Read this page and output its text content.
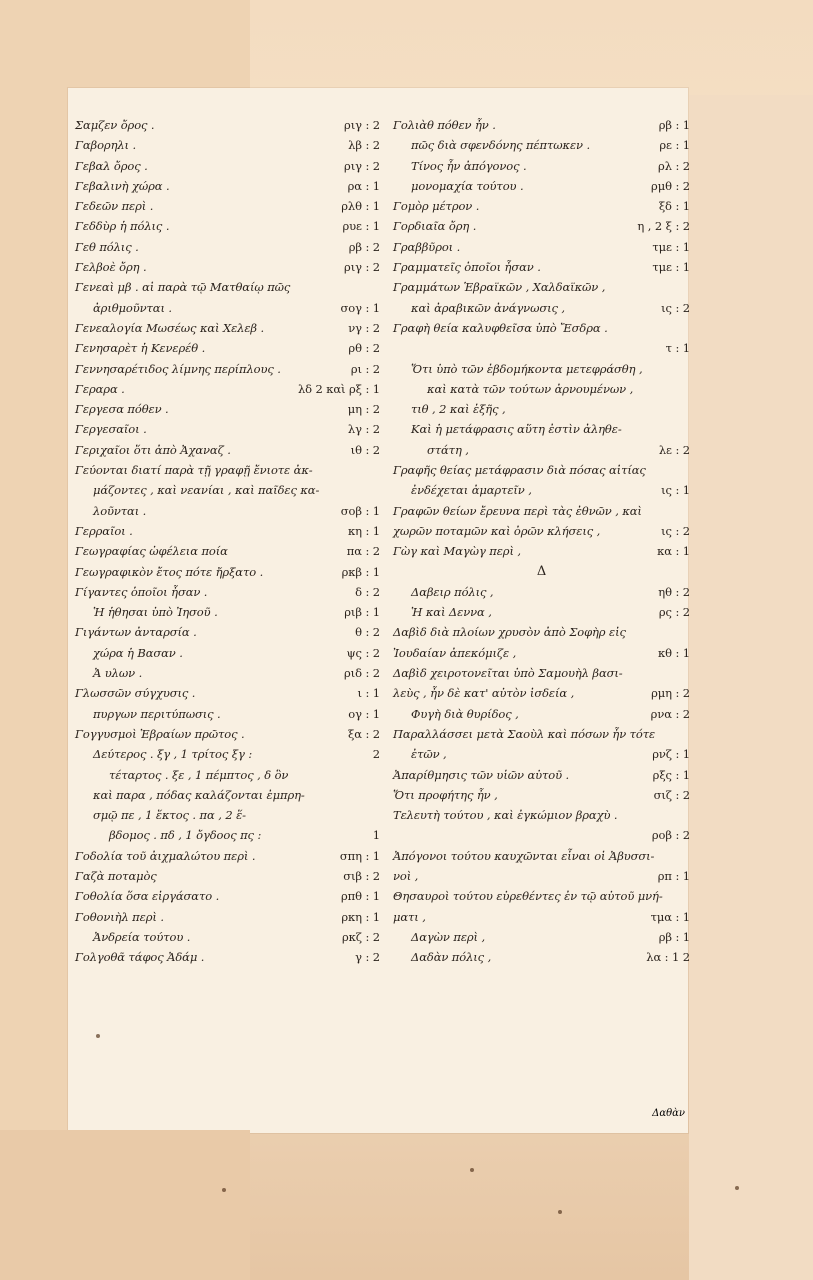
Σαμζεν ὄρος .	ριγ : 2
Γαβορηλι .	λβ : 2
Γεβαλ ὄρος .	ριγ : 2
Γεβαλινὴ χώρα .	ρα : 1
Γεδεῶν περὶ .	ρλθ : 1
Γεδδὺρ ἡ πόλις .	ρυε : 1
Γεθ πόλις .	ρβ : 2
Γελβοὲ ὄρη .	ριγ : 2
Γενεαὶ μβ . αἱ παρὰ τῷ Ματθαίῳ πῶς
ἀριθμοῦνται .	σογ : 1
Γενεαλογία Μωσέως καὶ Χελεβ .	νγ : 2
Γενησαρὲτ ἡ Κενερέθ .	ρθ : 2
Γεννησαρέτιδος λίμνης περίπλους .	ρι : 2
Γεραρα .	λδ 2 καὶ ρξ : 1
Γεργεσα πόθεν .	μη : 2
Γεργεσαῖοι .	λγ : 2
Γεριχαῖοι ὅτι ἀπὸ Ἀχαναζ .	ιθ : 2
Γεύονται διατί παρὰ τῇ γραφῇ ἔνιοτε ἀκ-
μάζοντες , καὶ νεανίαι , καὶ παῖδες κα-
λοῦνται .	σοβ : 1
Γερραῖοι .	κη : 1
Γεωγραφίας ὠφέλεια ποία	πα : 2
Γεωγραφικὸν ἔτος πότε ἤρξατο .	ρκβ : 1
Γίγαντες ὁποῖοι ἦσαν .	δ : 2
Ἡ ἡθησαι ὑπὸ Ἰησοῦ .	ριβ : 1
Γιγάντων ἀνταρσία .	θ : 2
χώρα ἡ Βασαν .	ψς : 2
Ἀ υλων .	ριδ : 2
Γλωσσῶν σύγχυσις .	ι : 1
πυργων περιτύπωσις .	ογ : 1
Γογγυσμοὶ Ἑβραίων πρῶτος .	ξα : 2
Δεύτερος . ξγ , 1 τρίτος ξγ :	2
τέταρτος . ξε , 1 πέμπτος , δ ὃν
καὶ παρα , πόδας καλάζονται ἐμπρη-
σμῷ πε , 1 ἕκτος . πα , 2 ἕ-
βδομος . πδ , 1 ὄγδοος πς :	1
Γοδολία τοῦ ἀιχμαλώτου περὶ .	σπη : 1
Γαζὰ ποταμὸς	σιβ : 2
Γοθολία ὅσα εἰργάσατο .	ρπθ : 1
Γοθονιὴλ περὶ .	ρκη : 1
Ἀνδρεία τούτου .	ρκζ : 2
Γολγοθᾶ τάφος Ἀδάμ .	γ : 2
Γολιὰθ πόθεν ἦν .	ρβ : 1
πῶς διὰ σφενδόνης πέπτωκεν .	ρε : 1
Τίνος ἦν ἀπόγονος .	ρλ : 2
μονομαχία τούτου .	ρμθ : 2
Γομὸρ μέτρον .	ξδ : 1
Γορδιαῖα ὄρη .	η , 2 ξ : 2
Γραββῦροι .	τμε : 1
Γραμματεῖς ὁποῖοι ἦσαν .	τμε : 1
Γραμμάτων Ἑβραϊκῶν , Χαλδαϊκῶν ,
καὶ ἀραβικῶν ἀνάγνωσις ,	ις : 2
Γραφὴ θεία καλυφθεῖσα ὑπὸ Ἔσδρα .
τ : 1
Ὅτι ὑπὸ τῶν ἑβδομήκοντα μετεφράσθη ,
καὶ κατὰ τῶν τούτων ἀρνουμένων ,
τιθ , 2 καὶ ἑξῆς ,
Καὶ ἡ μετάφρασις αὕτη ἐστὶν ἀληθε-
στάτη ,	λε : 2
Γραφῆς θείας μετάφρασιν διὰ πόσας αἰτίας
ἐνδέχεται ἀμαρτεῖν ,	ις : 1
Γραφῶν θείων ἔρευνα περὶ τὰς ἐθνῶν , καὶ
χωρῶν ποταμῶν καὶ ὀρῶν κλήσεις ,	ις : 2
Γὼγ καὶ Μαγὼγ περὶ ,	κα : 1
Δ
Δαβειρ πόλις ,	ηθ : 2
Ἡ καὶ Δεννα ,	ρς : 2
Δαβὶδ διὰ πλοίων χρυσὸν ἀπὸ Σοφὴρ εἰς
Ἰουδαίαν ἀπεκόμιζε ,	κθ : 1
Δαβὶδ χειροτονεῖται ὑπὸ Σαμουὴλ βασι-
λεὺς , ἦν δὲ κατ' αὐτὸν ἰσδεία ,	ρμη : 2
Φυγὴ διὰ θυρίδος ,	ρνα : 2
Παραλλάσσει μετὰ Σαοὺλ καὶ πόσων ἦν τότε
ἐτῶν ,	ρνζ : 1
Ἀπαρίθμησις τῶν υἱῶν αὐτοῦ .	ρξς : 1
Ὅτι προφήτης ἦν ,	σιζ : 2
Τελευτὴ τούτου , καὶ ἐγκώμιον βραχὺ .
ροβ : 2
Ἀπόγονοι τούτου καυχῶνται εἶναι οἱ Ἀβυσσι-
νοὶ ,	ρπ : 1
Θησαυροὶ τούτου εὑρεθέντες ἐν τῷ αὐτοῦ μνή-
ματι ,	τμα : 1
Δαγὼν περὶ ,	ρβ : 1
Δαδὰν πόλις ,	λα : 1 2
Δαθὰν
